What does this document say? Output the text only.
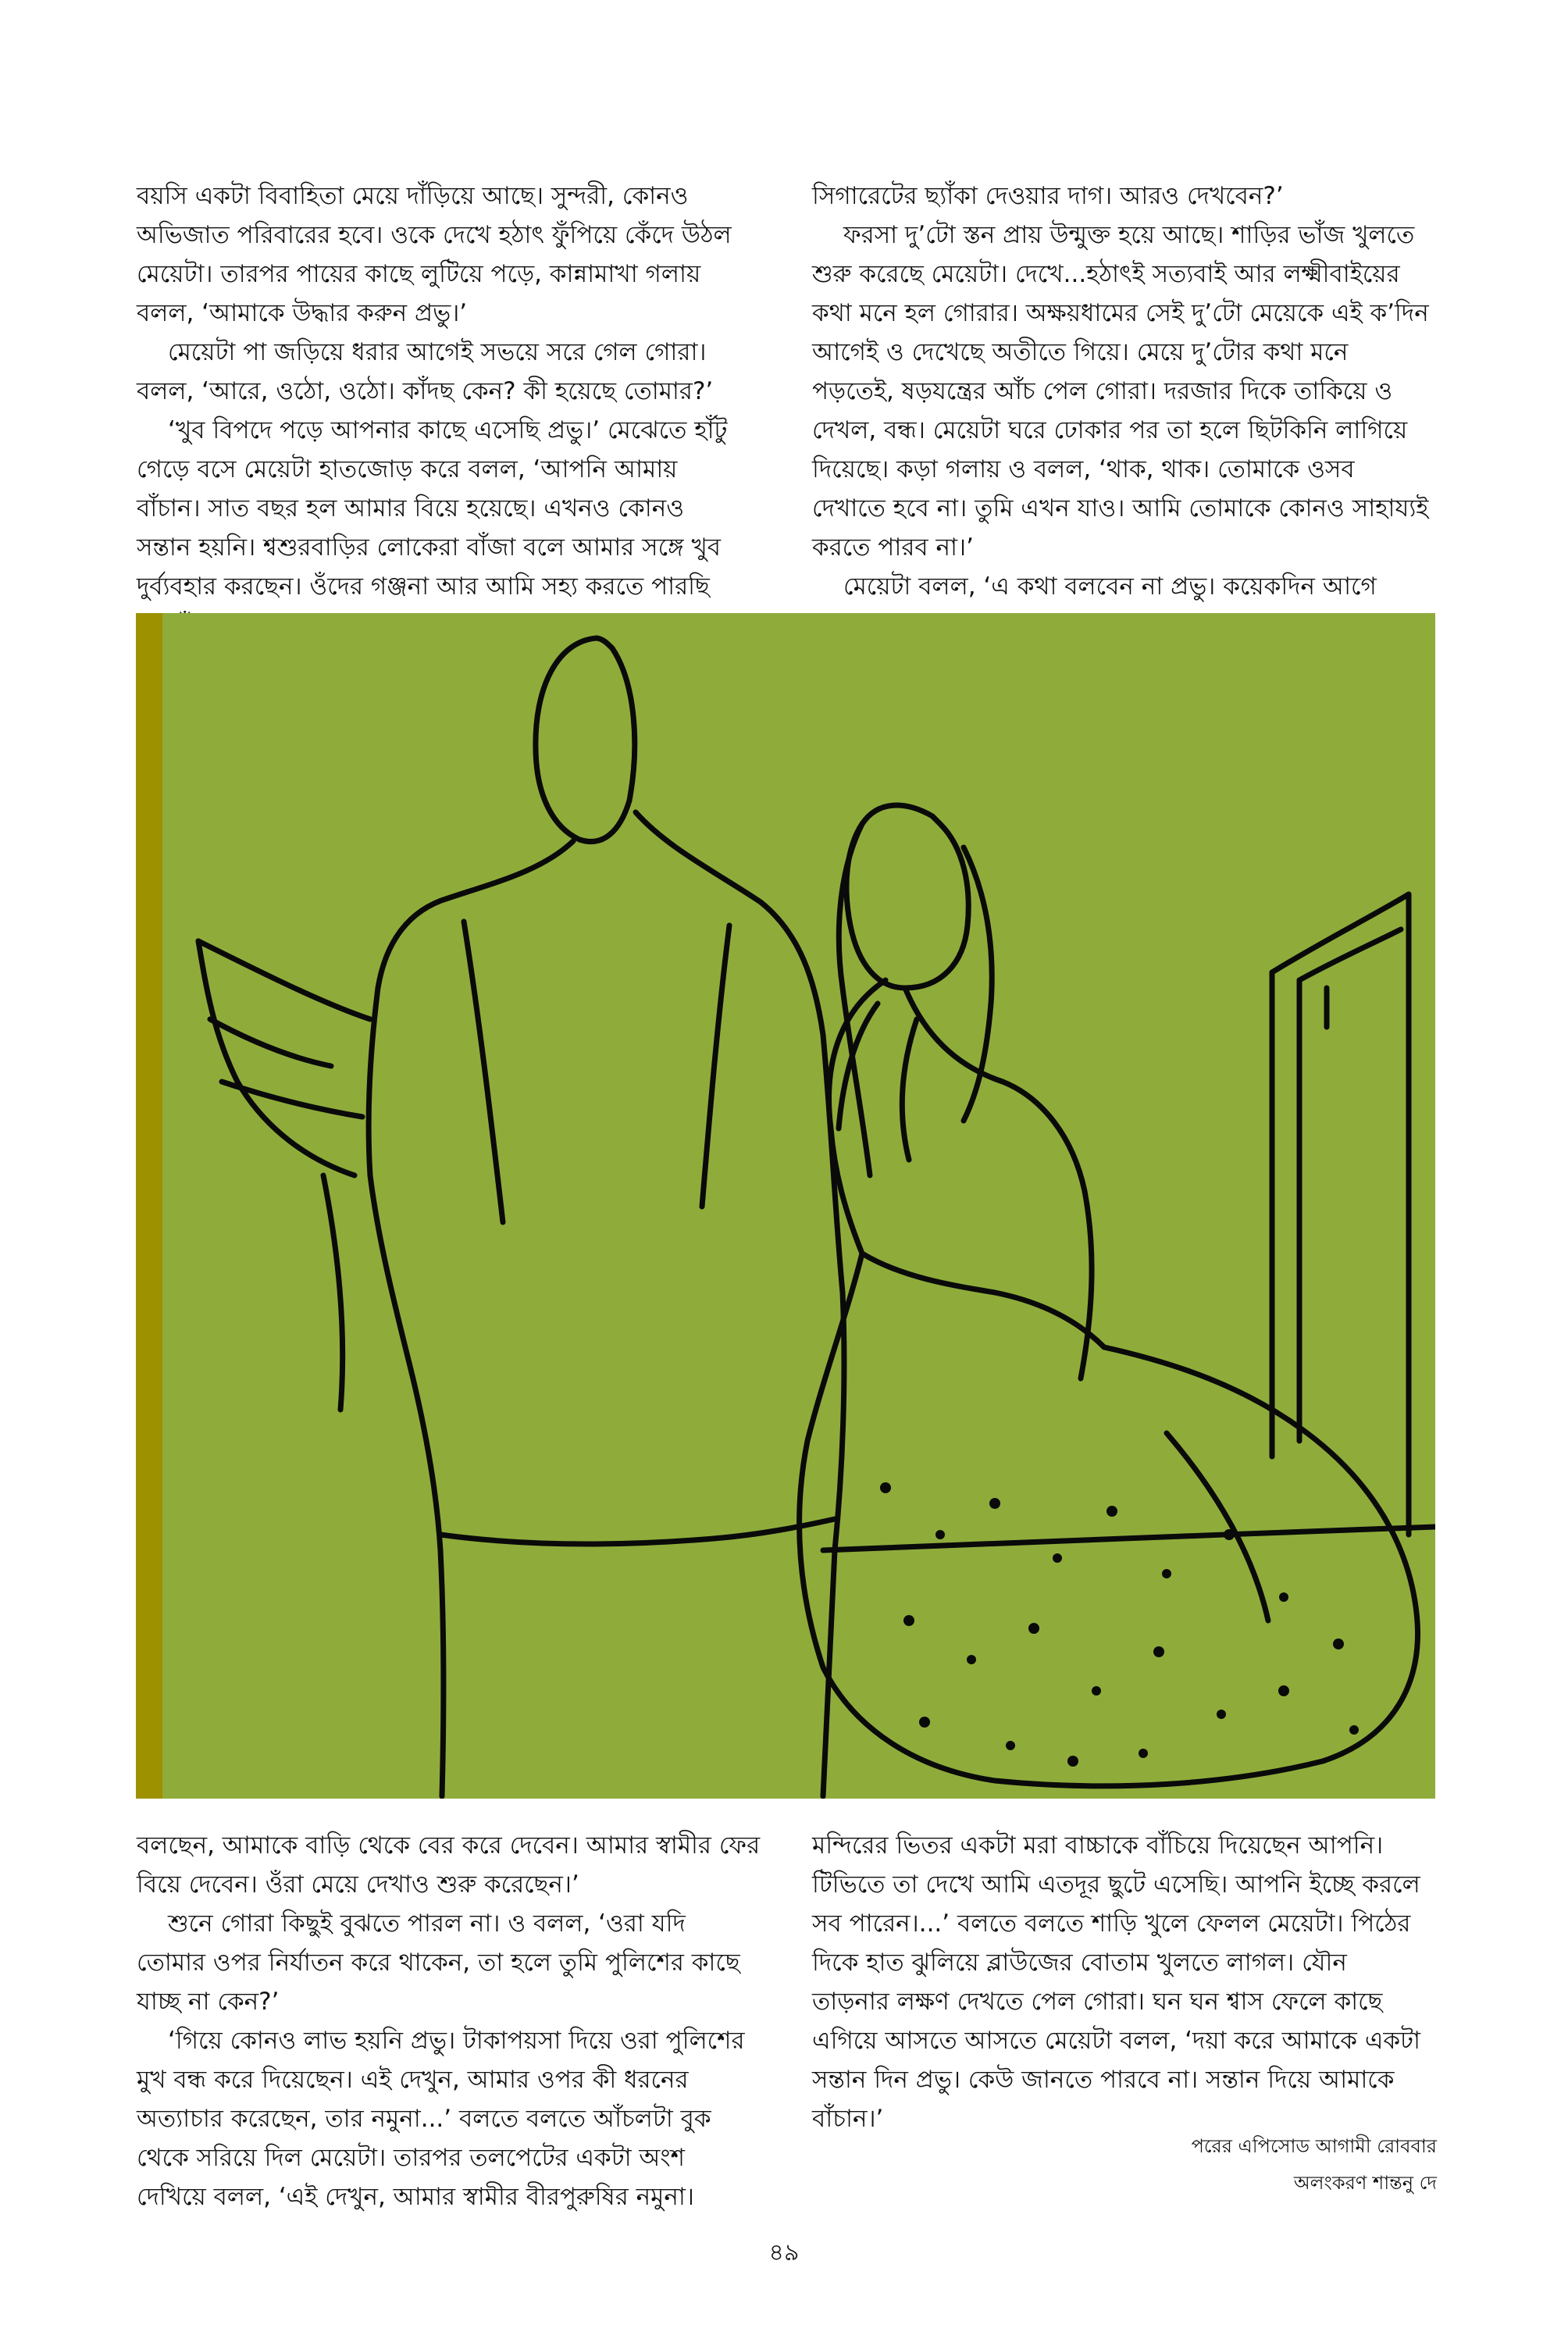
বয়সি একটা বিবাহিতা মেয়ে দাঁড়িয়ে আছে। সুন্দরী, কোনও অভিজাত পরিবারের হবে। ওকে দেখে হঠাৎ ফুঁপিয়ে কেঁদে উঠল মেয়েটা। তারপর পায়ের কাছে লুটিয়ে পড়ে, কান্নামাখা গলায় বলল, ‘আমাকে উদ্ধার করুন প্রভু।’

মেয়েটা পা জড়িয়ে ধরার আগেই সভয়ে সরে গেল গোরা। বলল, ‘আরে, ওঠো, ওঠো। কাঁদছ কেন? কী হয়েছে তোমার?’

‘খুব বিপদে পড়ে আপনার কাছে এসেছি প্রভু।’ মেঝেতে হাঁটু গেড়ে বসে মেয়েটা হাতজোড় করে বলল, ‘আপনি আমায় বাঁচান। সাত বছর হল আমার বিয়ে হয়েছে। এখনও কোনও সন্তান হয়নি। শ্বশুরবাড়ির লোকেরা বাঁজা বলে আমার সঙ্গে খুব দুর্ব্যবহার করছেন। ওঁদের গঞ্জনা আর আমি সহ্য করতে পারছি

সিগারেটের ছ্যাঁকা দেওয়ার দাগ। আরও দেখবেন?’

ফরসা দু’টো স্তন প্রায় উন্মুক্ত হয়ে আছে। শাড়ির ভাঁজ খুলতে শুরু করেছে মেয়েটা। দেখে...হঠাৎই সত্যবাই আর লক্ষ্মীবাইয়ের কথা মনে হল গোরার। অক্ষয়ধামের সেই দু’টো মেয়েকে এই ক’দিন আগেই ও দেখেছে অতীতে গিয়ে। মেয়ে দু’টোর কথা মনে পড়তেই, ষড়যন্ত্রের আঁচ পেল গোরা। দরজার দিকে তাকিয়ে ও দেখল, বন্ধ। মেয়েটা ঘরে ঢোকার পর তা হলে ছিটকিনি লাগিয়ে দিয়েছে। কড়া গলায় ও বলল, ‘থাক, থাক। তোমাকে ওসব দেখাতে হবে না। তুমি এখন যাও। আমি তোমাকে কোনও সাহায্যই করতে পারব না।’

মেয়েটা বলল, ‘এ কথা বলবেন না প্রভু। কয়েকদিন আগে

বলছেন, আমাকে বাড়ি থেকে বের করে দেবেন। আমার স্বামীর ফের বিয়ে দেবেন। ওঁরা মেয়ে দেখাও শুরু করেছেন।’

শুনে গোরা কিছুই বুঝতে পারল না। ও বলল, ‘ওরা যদি তোমার ওপর নির্যাতন করে থাকেন, তা হলে তুমি পুলিশের কাছে যাচ্ছ না কেন?’

‘গিয়ে কোনও লাভ হয়নি প্রভু। টাকাপয়সা দিয়ে ওরা পুলিশের মুখ বন্ধ করে দিয়েছেন। এই দেখুন, আমার ওপর কী ধরনের অত্যাচার করেছেন, তার নমুনা...’ বলতে বলতে আঁচলটা বুক থেকে সরিয়ে দিল মেয়েটা। তারপর তলপেটের একটা অংশ দেখিয়ে বলল, ‘এই দেখুন, আমার স্বামীর বীরপুরুষির নমুনা।

মন্দিরের ভিতর একটা মরা বাচ্চাকে বাঁচিয়ে দিয়েছেন আপনি। টিভিতে তা দেখে আমি এতদূর ছুটে এসেছি। আপনি ইচ্ছে করলে সব পারেন।...’ বলতে বলতে শাড়ি খুলে ফেলল মেয়েটা। পিঠের দিকে হাত ঝুলিয়ে ব্লাউজের বোতাম খুলতে লাগল। যৌন তাড়নার লক্ষণ দেখতে পেল গোরা। ঘন ঘন শ্বাস ফেলে কাছে এগিয়ে আসতে আসতে মেয়েটা বলল, ‘দয়া করে আমাকে একটা সন্তান দিন প্রভু। কেউ জানতে পারবে না। সন্তান দিয়ে আমাকে বাঁচান।’

পরের এপিসোড আগামী রোববার
অলংকরণ শান্তনু দে
৪৯
